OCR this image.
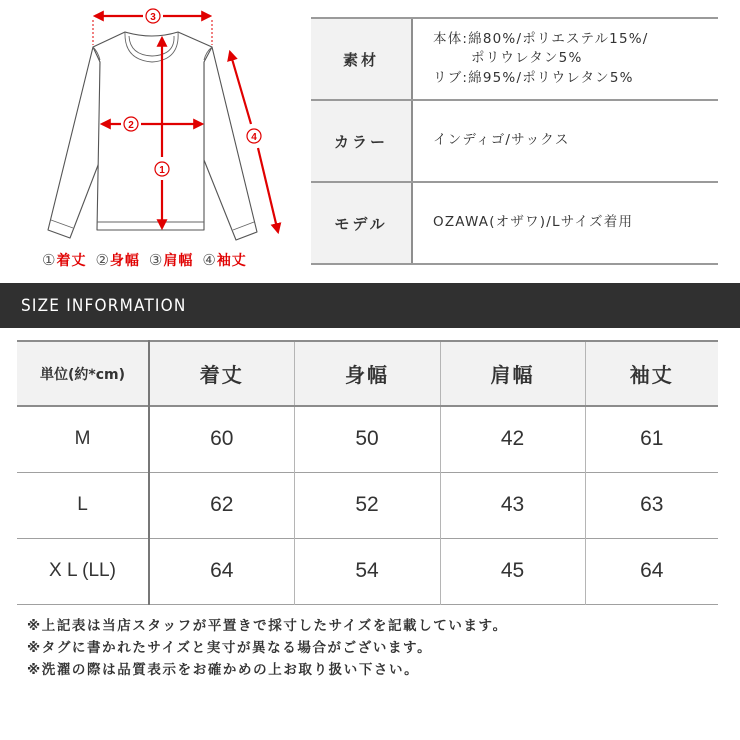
3
2
1
4
① 着丈 ② 身幅 ③ 肩幅 ④ 袖丈
素材
本体:綿80%/ポリエステル15%/
ポリウレタン5%
リブ:綿95%/ポリウレタン5%
カラー	インディゴ/サックス
モデル	OZAWA(オザワ)/Lサイズ着用
SIZE INFORMATION
単位(約*cm)	着丈	身幅	肩幅	袖丈
M	60	50	42	61
L	62	52	43	63
X L (LL)	64	54	45	64
※上記表は当店スタッフが平置きで採寸したサイズを記載しています。
※タグに書かれたサイズと実寸が異なる場合がございます。
※洗濯の際は品質表示をお確かめの上お取り扱い下さい。
